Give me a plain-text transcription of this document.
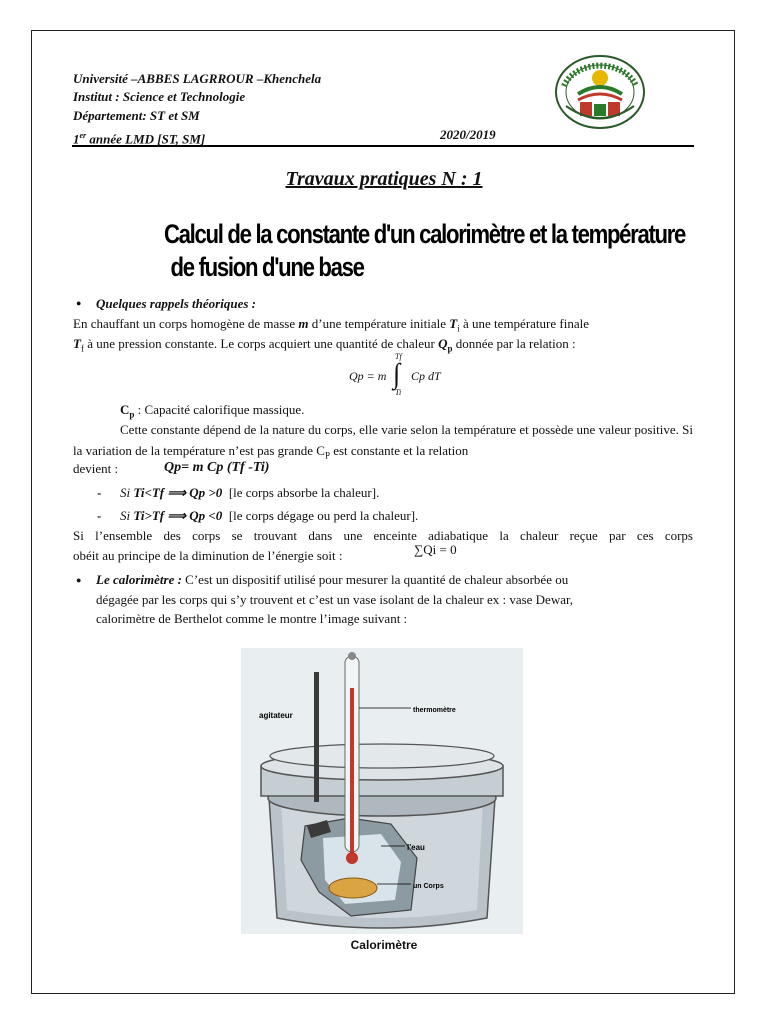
Université –ABBES LAGRROUR –Khenchela
Institut : Science et Technologie
Département: ST et SM
1er année LMD [ST, SM]	2020/2019
Travaux pratiques N : 1
Calcul de la constante d'un calorimètre et la température
de fusion d'une base
● Quelques rappels théoriques :
En chauffant un corps homogène de masse m d’une température initiale $T_i$ à une température finale
$T_f$ à une pression constante. Le corps acquiert une quantité de chaleur $Q_p$ donnée par la relation :
Qp = m ∫
Tf
Ti
Cp dT
$C_p$ : Capacité calorifique massique.
Cette constante dépend de la nature du corps, elle varie selon la température et possède une valeur positive. Si la variation de la température n’est pas grande $C_P$ est constante et la relation
devient :	Qp= m Cp (Tf -Ti)
- Si Ti<Tf ⟹ Qp >0 [le corps absorbe la chaleur].
- Si Ti>Tf ⟹ Qp <0 [le corps dégage ou perd la chaleur].
Si l’ensemble des corps se trouvant dans une enceinte adiabatique la chaleur reçue par ces corps
obéit au principe de la diminution de l’énergie soit :	∑Qi = 0
● Le calorimètre : C’est un dispositif utilisé pour mesurer la quantité de chaleur absorbée ou
dégagée par les corps qui s’y trouvent et c’est un vase isolant de la chaleur ex : vase Dewar,
calorimètre de Berthelot comme le montre l’image suivant :
agitateur
thermomètre
l'eau
un Corps
Calorimètre
